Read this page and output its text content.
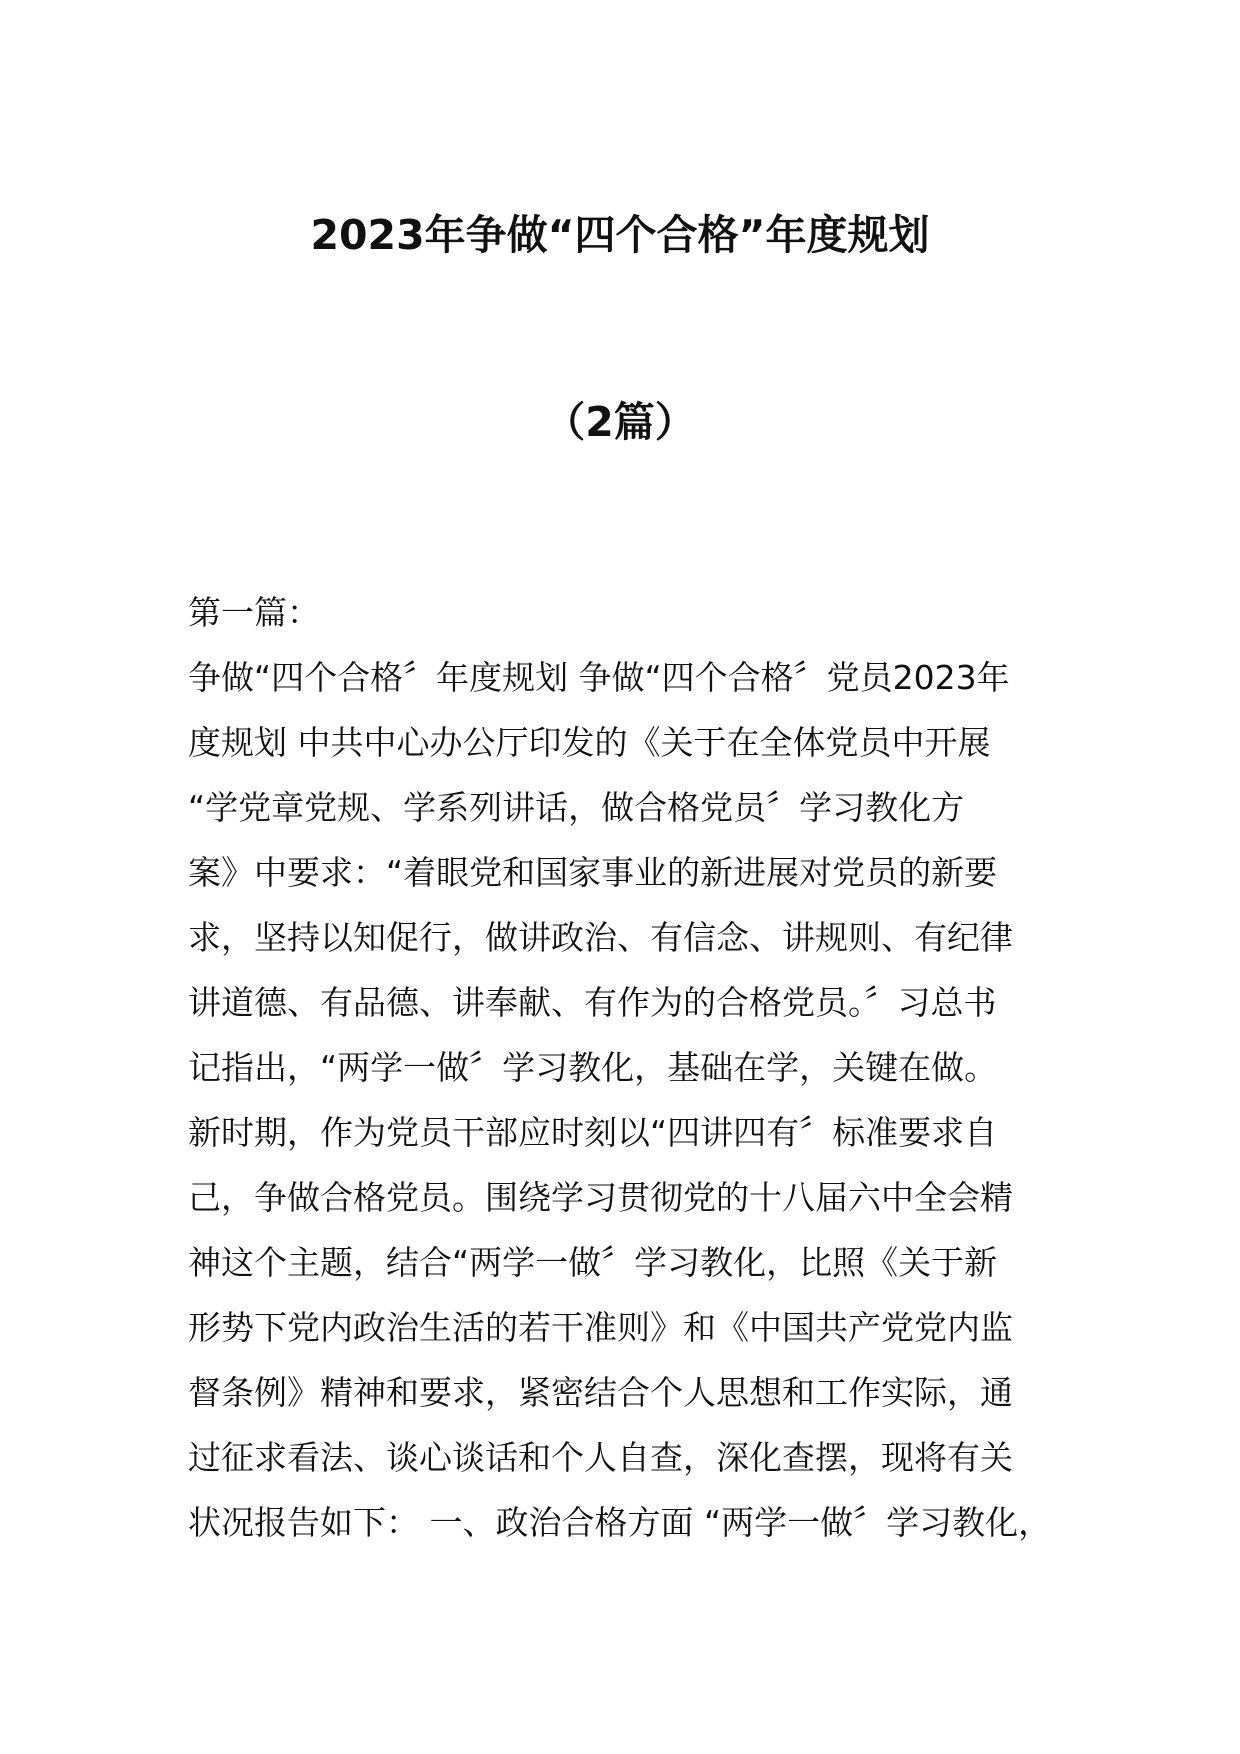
2023年争做“四个合格”年度规划
（2篇）
第一篇：
争做“四个合格〞年度规划 争做“四个合格〞党员2023年
度规划 中共中心办公厅印发的《关于在全体党员中开展
“学党章党规、学系列讲话，做合格党员〞学习教化方
案》中要求：“着眼党和国家事业的新进展对党员的新要
求，坚持以知促行，做讲政治、有信念、讲规则、有纪律
讲道德、有品德、讲奉献、有作为的合格党员。〞习总书
记指出，“两学一做〞学习教化，基础在学，关键在做。
新时期，作为党员干部应时刻以“四讲四有〞标准要求自
己，争做合格党员。围绕学习贯彻党的十八届六中全会精
神这个主题，结合“两学一做〞学习教化，比照《关于新
形势下党内政治生活的若干准则》和《中国共产党党内监
督条例》精神和要求，紧密结合个人思想和工作实际，通
过征求看法、谈心谈话和个人自查，深化查摆，现将有关
状况报告如下： 一、政治合格方面 “两学一做〞学习教化，
